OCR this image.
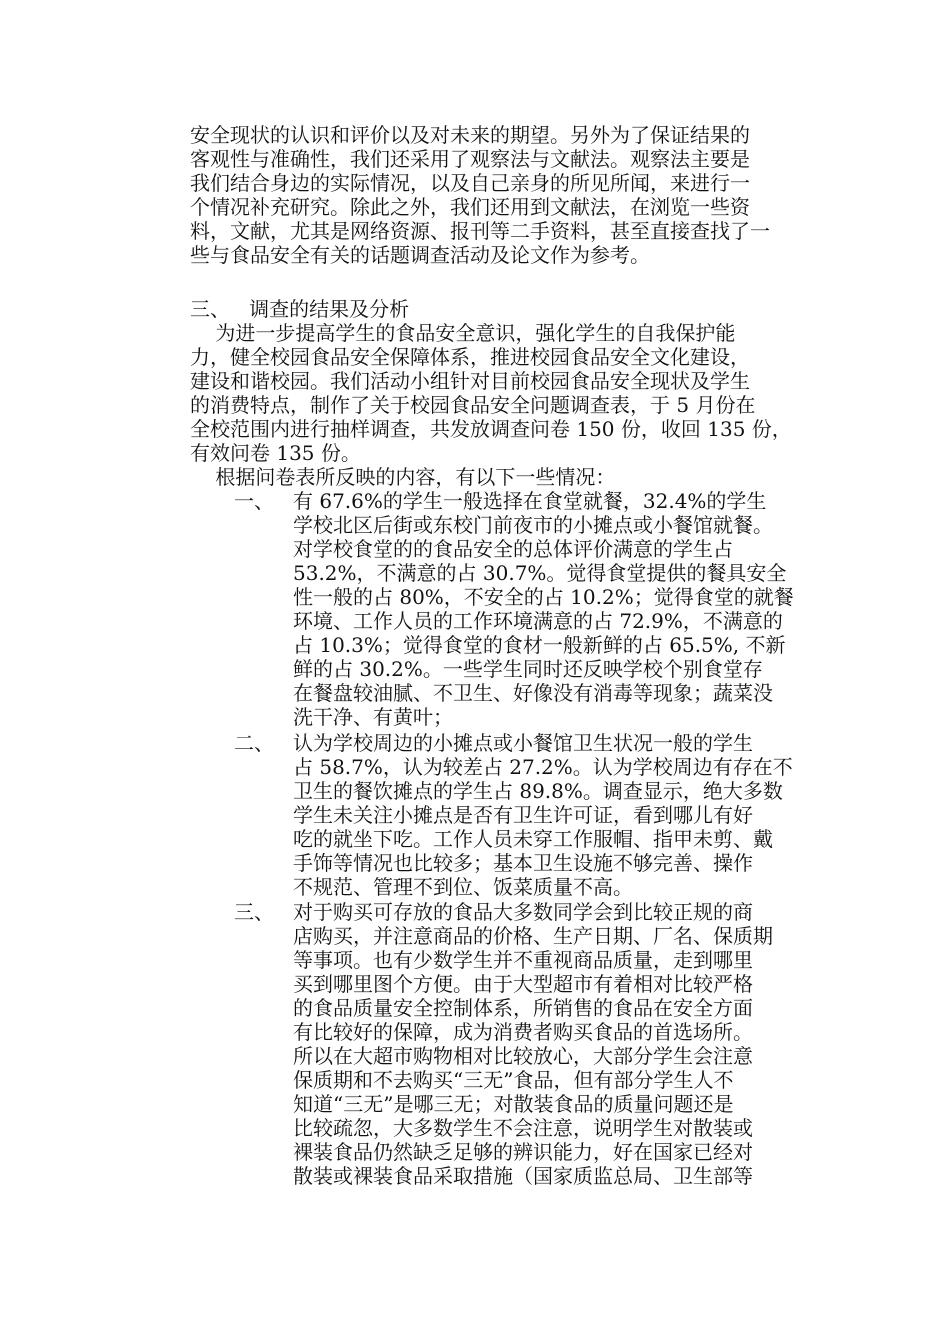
安全现状的认识和评价以及对未来的期望。另外为了保证结果的
客观性与准确性，我们还采用了观察法与文献法。观察法主要是
我们结合身边的实际情况，以及自己亲身的所见所闻，来进行一
个情况补充研究。除此之外，我们还用到文献法，在浏览一些资
料，文献，尤其是网络资源、报刊等二手资料，甚至直接查找了一
些与食品安全有关的话题调查活动及论文作为参考。
三、   调查的结果及分析
为进一步提高学生的食品安全意识，强化学生的自我保护能
力，健全校园食品安全保障体系，推进校园食品安全文化建设，
建设和谐校园。我们活动小组针对目前校园食品安全现状及学生
的消费特点，制作了关于校园食品安全问题调查表，于 5 月份在
全校范围内进行抽样调查，共发放调查问卷 150 份，收回 135 份，
有效问卷 135 份。
根据问卷表所反映的内容，有以下一些情况：
一、 有 67.6%的学生一般选择在食堂就餐，32.4%的学生
学校北区后街或东校门前夜市的小摊点或小餐馆就餐。
对学校食堂的的食品安全的总体评价满意的学生占
53.2%，不满意的占 30.7%。觉得食堂提供的餐具安全
性一般的占 80%，不安全的占 10.2%；觉得食堂的就餐
环境、工作人员的工作环境满意的占 72.9%，不满意的
占 10.3%；觉得食堂的食材一般新鲜的占 65.5%, 不新
鲜的占 30.2%。一些学生同时还反映学校个别食堂存
在餐盘较油腻、不卫生、好像没有消毒等现象；蔬菜没
洗干净、有黄叶；
二、 认为学校周边的小摊点或小餐馆卫生状况一般的学生
占 58.7%，认为较差占 27.2%。认为学校周边有存在不
卫生的餐饮摊点的学生占 89.8%。调查显示，绝大多数
学生未关注小摊点是否有卫生许可证，看到哪儿有好
吃的就坐下吃。工作人员未穿工作服帽、指甲未剪、戴
手饰等情况也比较多；基本卫生设施不够完善、操作
不规范、管理不到位、饭菜质量不高。
三、 对于购买可存放的食品大多数同学会到比较正规的商
店购买，并注意商品的价格、生产日期、厂名、保质期
等事项。也有少数学生并不重视商品质量，走到哪里
买到哪里图个方便。由于大型超市有着相对比较严格
的食品质量安全控制体系，所销售的食品在安全方面
有比较好的保障，成为消费者购买食品的首选场所。
所以在大超市购物相对比较放心，大部分学生会注意
保质期和不去购买“三无”食品，但有部分学生人不
知道“三无”是哪三无；对散装食品的质量问题还是
比较疏忽，大多数学生不会注意，说明学生对散装或
裸装食品仍然缺乏足够的辨识能力，好在国家已经对
散装或裸装食品采取措施（国家质监总局、卫生部等
